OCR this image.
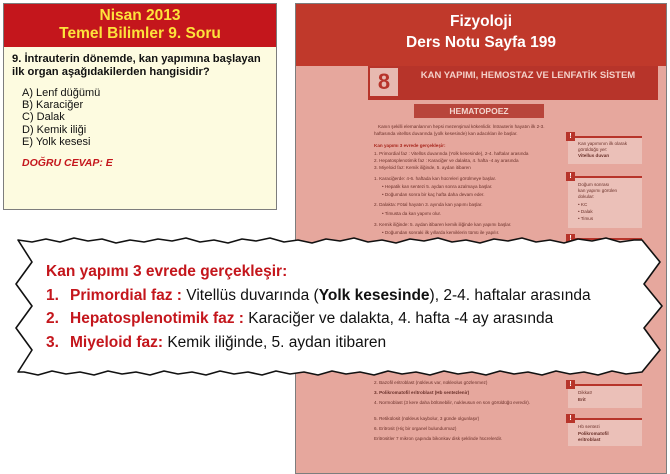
Nisan 2013
Temel Bilimler 9. Soru
9. İntrauterin dönemde, kan yapımına başlayan ilk organ aşağıdakilerden hangisidir?
A) Lenf düğümü
B) Karaciğer
C) Dalak
D) Kemik iliği
E) Yolk kesesi
DOĞRU CEVAP: E
Fizyoloji
Ders Notu Sayfa 199
8	KAN YAPIMI, HEMOSTAZ VE LENFATİK SİSTEM
HEMATOPOEZ
Kanın şekilli elemanlarının hepsi mezenşimal kökenlidir. İntrauterin hayatın ilk 2-3.
haftasında vitellüs duvarında (yolk kesesinde) kan adacıkları ile başlar.
Kan yapımı 3 evrede gerçekleşir:
1. Primordial faz : Vitellüs duvarında (Yolk kesesinde), 2-4. haftalar arasında
2. Hepatosplenotimik faz : Karaciğer ve dalakta, 4. hafta -4 ay arasında
3. Miyeloid faz: Kemik iliğinde, 5. aydan itibaren
1. Karaciğerde: 4-6. haftada kan hücreleri görülmeye başlar.
• Hepatik kan sentezi 5. aydan sonra azalmaya başlar.
• Doğumdan sonra bir kaç hafta daha devam eder.
2. Dalakta: Fötal hayatın 3. ayında kan yapımı başlar.
• Timusta da kan yapımı olur.
3. Kemik iliğinde: 5. aydan itibaren kemik iliğinde kan yapımı başlar.
• Doğumdan sonraki ilk yıllarda kemiklerin tümü ile yapılır.
2. Bazofil eritroblast (nükleus var, nükleolus gözlenmez)
3. Polikromatofil eritroblast (Hb sentezlenir)
4. Normoblast (3 kere daha bölünebilir, nukleusun en son görüldüğü evredir).
5. Retikülosit (nükleus kaybolur, 3 günde olgunlaşır)
6. Eritrosit (Hiç bir organel bulundurmaz)
Eritrositler 7 mikron çapında bikonkav disk şeklinde hücrelerdir.
!
Kan yapımının ilk olarak
görüldüğü yer:
Vitellus duvarı
!
Doğum sonrası
kan yapımı görülen
dokular:
• KC
• Dalak
• Timus
!
!
Dikkat!
Erit
!
Hb sentezi
Polikromatofil
eritroblast
Kan yapımı 3 evrede gerçekleşir:
1. Primordial faz : Vitellüs duvarında (Yolk kesesinde), 2-4. haftalar arasında
2. Hepatosplenotimik faz : Karaciğer ve dalakta, 4. hafta -4 ay arasında
3. Miyeloid faz: Kemik iliğinde, 5. aydan itibaren
